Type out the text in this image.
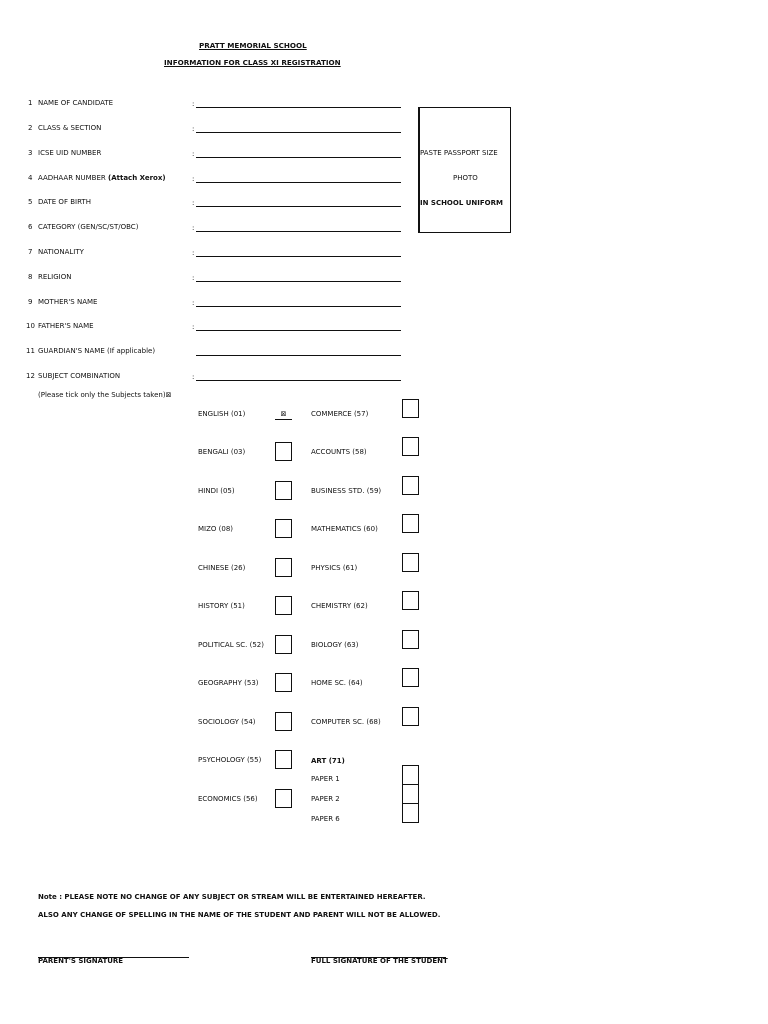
PRATT MEMORIAL SCHOOL
INFORMATION FOR CLASS XI REGISTRATION
1 NAME OF CANDIDATE	:
2 CLASS & SECTION	:
3 ICSE UID NUMBER	:
4 AADHAAR NUMBER (Attach Xerox)	:
5 DATE OF BIRTH	:
6 CATEGORY (GEN/SC/ST/OBC)	:
7 NATIONALITY	:
8 RELIGION	:
9 MOTHER'S NAME	:
10 FATHER'S NAME	:
11 GUARDIAN'S NAME (If applicable)
12 SUBJECT COMBINATION	:
PASTE PASSPORT SIZE
PHOTO
IN SCHOOL UNIFORM
(Please tick only the Subjects taken)⊠
ENGLISH (01)	⊠
BENGALI (03)
HINDI (05)
MIZO (08)
CHINESE (26)
HISTORY (51)
POLITICAL SC. (52)
GEOGRAPHY (53)
SOCIOLOGY (54)
PSYCHOLOGY (55)
ECONOMICS (56)
COMMERCE (57)
ACCOUNTS (58)
BUSINESS STD. (59)
MATHEMATICS (60)
PHYSICS (61)
CHEMISTRY (62)
BIOLOGY (63)
HOME SC. (64)
COMPUTER SC. (68)
ART (71)
PAPER 1
PAPER 2
PAPER 6
Note : PLEASE NOTE NO CHANGE OF ANY SUBJECT OR STREAM WILL BE ENTERTAINED HEREAFTER.
ALSO ANY CHANGE OF SPELLING IN THE NAME OF THE STUDENT AND PARENT WILL NOT BE ALLOWED.
PARENT'S SIGNATURE	FULL SIGNATURE OF THE STUDENT
